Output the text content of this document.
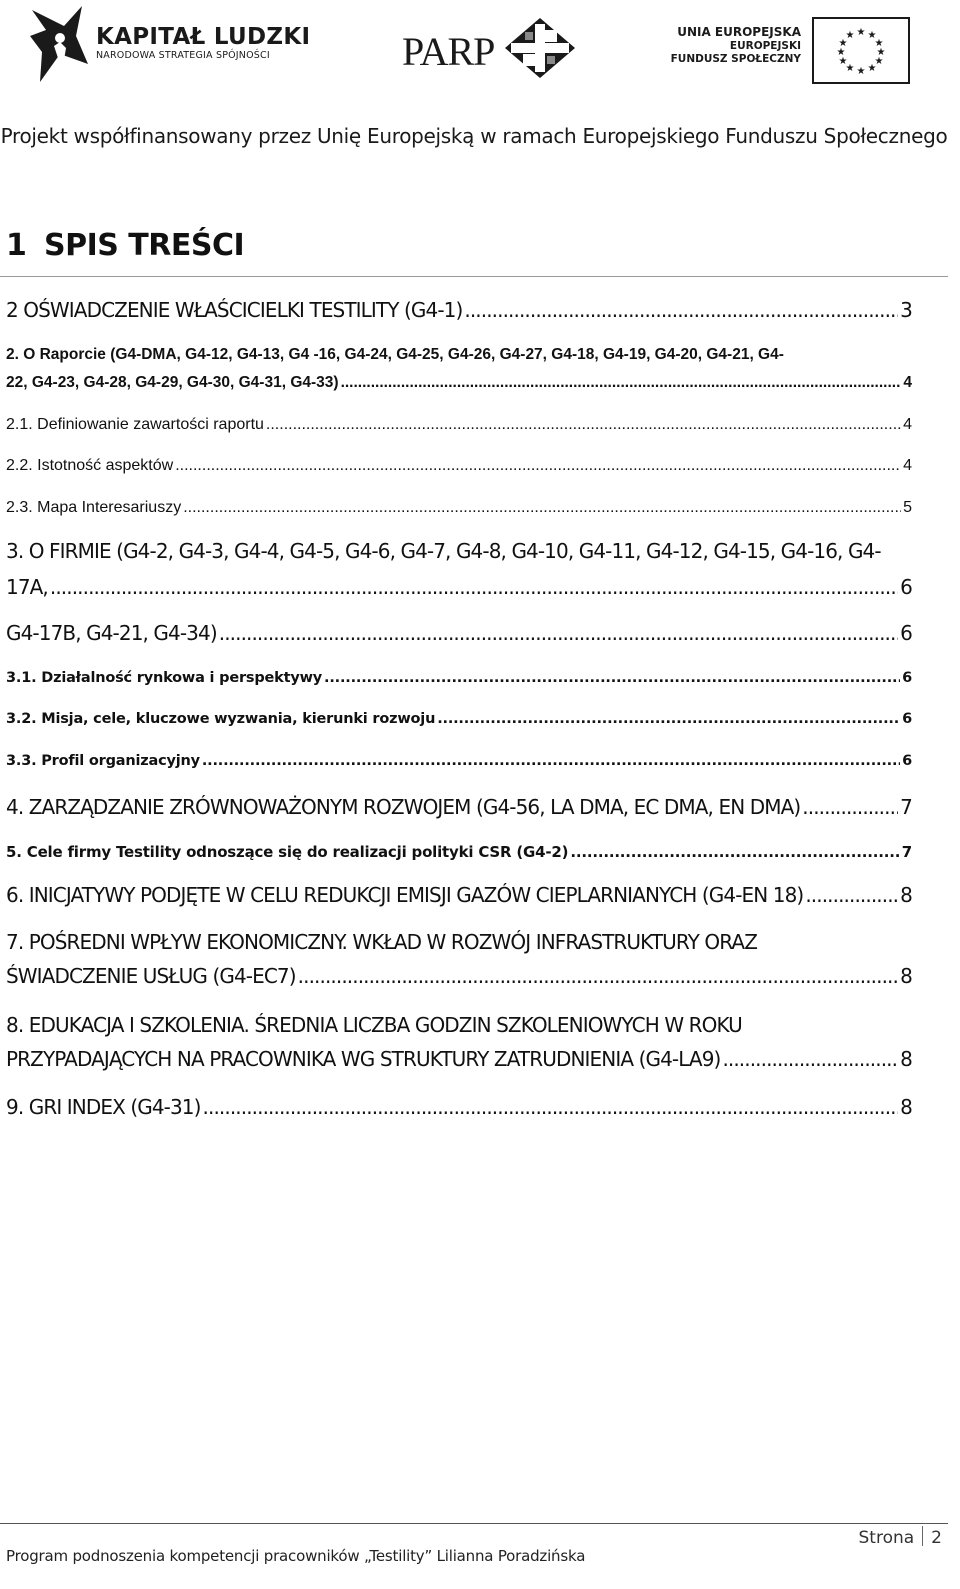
KAPITAŁ LUDZKI
NARODOWA STRATEGIA SPÓJNOŚCI	PARP	UNIA EUROPEJSKA
EUROPEJSKI
FUNDUSZ SPOŁECZNY
★ ★
★
★
★
★
★
★
★
★
★
★
Projekt współfinansowany przez Unię Europejską w ramach Europejskiego Funduszu Społecznego
1 SPIS TREŚCI
2 OŚWIADCZENIE WŁAŚCICIELKI TESTILITY (G4-1) .....	3
2. O Raporcie (G4-DMA, G4-12, G4-13, G4 -16, G4-24, G4-25, G4-26, G4-27, G4-18, G4-19, G4-20, G4-21, G4-
22, G4-23, G4-28, G4-29, G4-30, G4-31, G4-33) .....	4
2.1. Definiowanie zawartości raportu .....	4
2.2. Istotność aspektów .....	4
2.3. Mapa Interesariuszy .....	5
3. O FIRMIE (G4-2, G4-3, G4-4, G4-5, G4-6, G4-7, G4-8, G4-10, G4-11, G4-12, G4-15, G4-16, G4-
17A, .....	6
G4-17B, G4-21, G4-34) .....	6
3.1. Działalność rynkowa i perspektywy .....	6
3.2. Misja, cele, kluczowe wyzwania, kierunki rozwoju .....	6
3.3. Profil organizacyjny .....	6
4. ZARZĄDZANIE ZRÓWNOWAŻONYM ROZWOJEM (G4-56, LA DMA, EC DMA, EN DMA) .....	7
5. Cele firmy Testility odnoszące się do realizacji polityki CSR (G4-2) .....	7
6. INICJATYWY PODJĘTE W CELU REDUKCJI EMISJI GAZÓW CIEPLARNIANYCH (G4-EN 18) .....	8
7. POŚREDNI WPŁYW EKONOMICZNY. WKŁAD W ROZWÓJ INFRASTRUKTURY ORAZ
ŚWIADCZENIE USŁUG (G4-EC7) .....	8
8. EDUKACJA I SZKOLENIA. ŚREDNIA LICZBA GODZIN SZKOLENIOWYCH W ROKU
PRZYPADAJĄCYCH NA PRACOWNIKA WG STRUKTURY ZATRUDNIENIA (G4-LA9) .....	8
9. GRI INDEX (G4-31) .....	8
Strona 2
Program podnoszenia kompetencji pracowników „Testility” Lilianna Poradzińska
